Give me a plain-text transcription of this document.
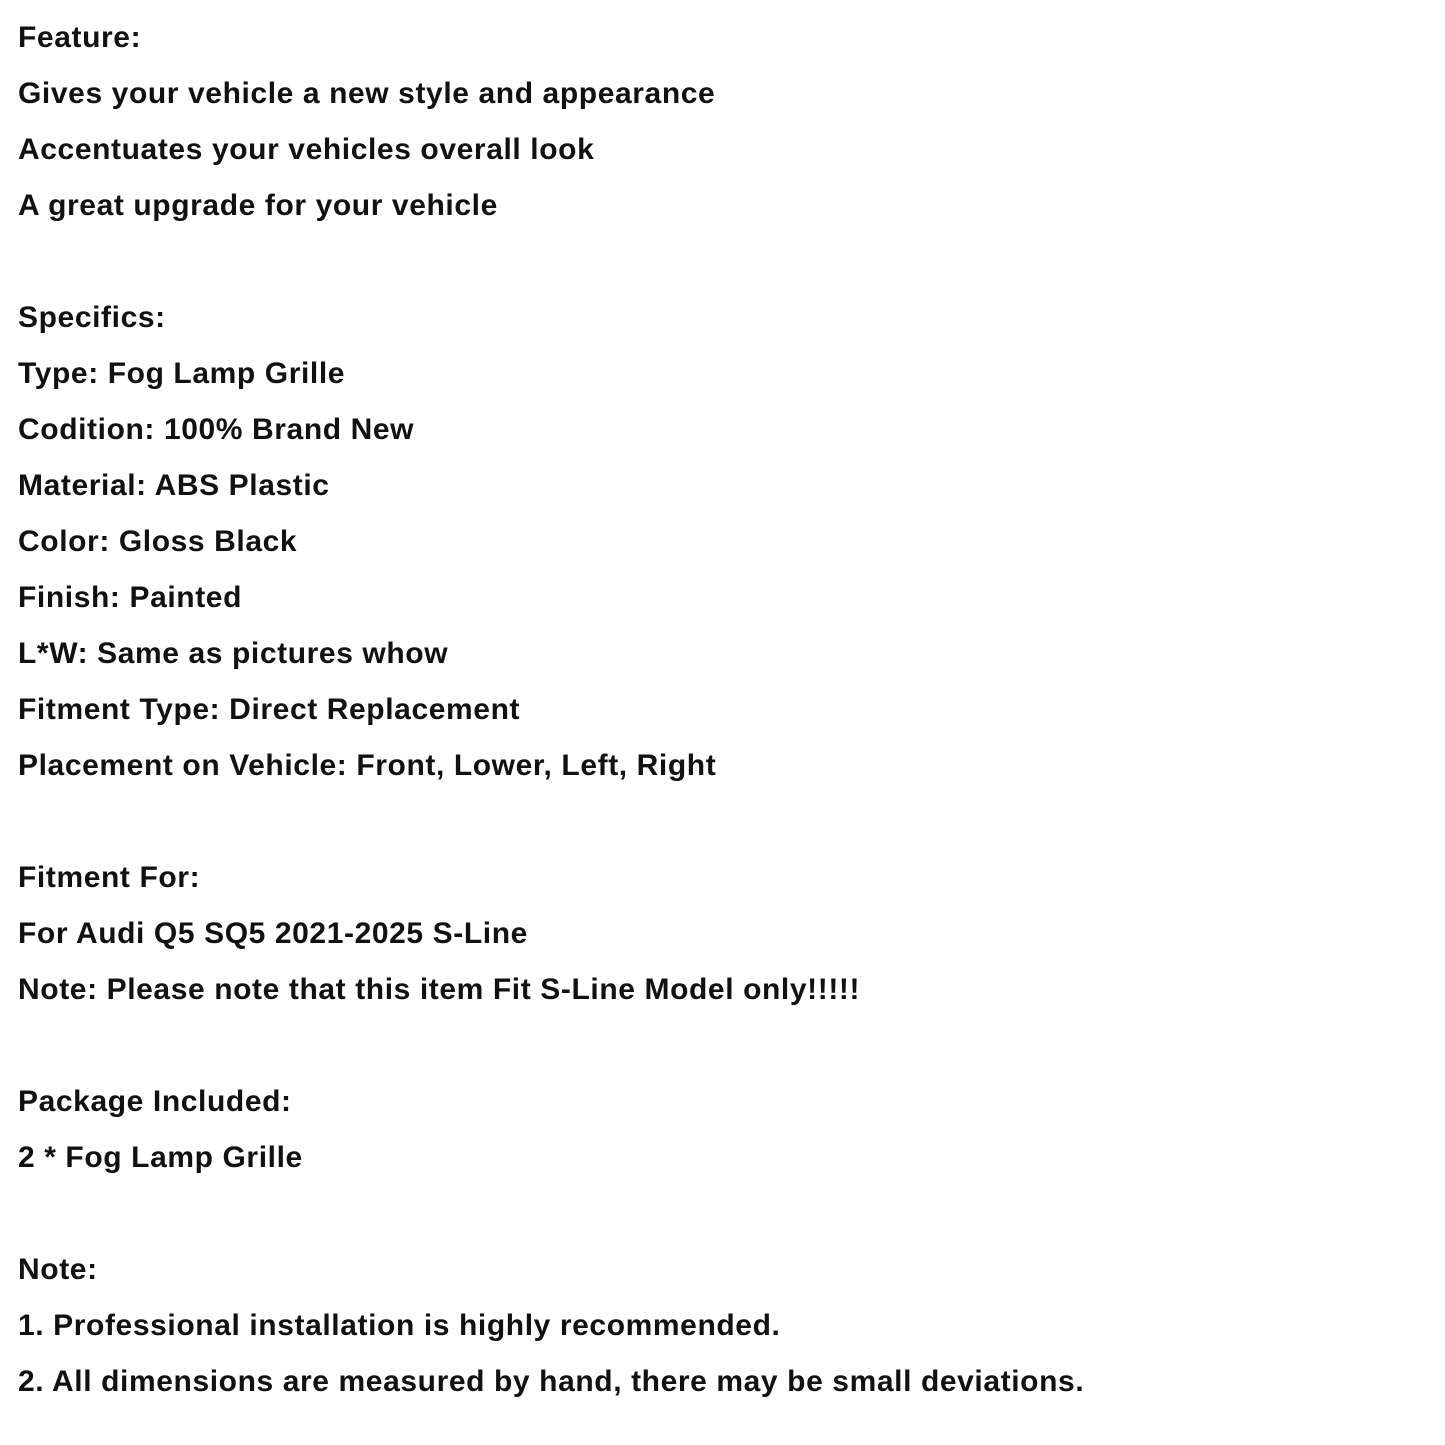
Feature:
Gives your vehicle a new style and appearance
Accentuates your vehicles overall look
A great upgrade for your vehicle
Specifics:
Type: Fog Lamp Grille
Codition: 100% Brand New
Material: ABS Plastic
Color: Gloss Black
Finish: Painted
L*W: Same as pictures whow
Fitment Type: Direct Replacement
Placement on Vehicle: Front, Lower, Left, Right
Fitment For:
For Audi Q5 SQ5 2021-2025 S-Line
Note: Please note that this item Fit S-Line Model only!!!!!
Package Included:
2 * Fog Lamp Grille
Note:
1. Professional installation is highly recommended.
2. All dimensions are measured by hand, there may be small deviations.
